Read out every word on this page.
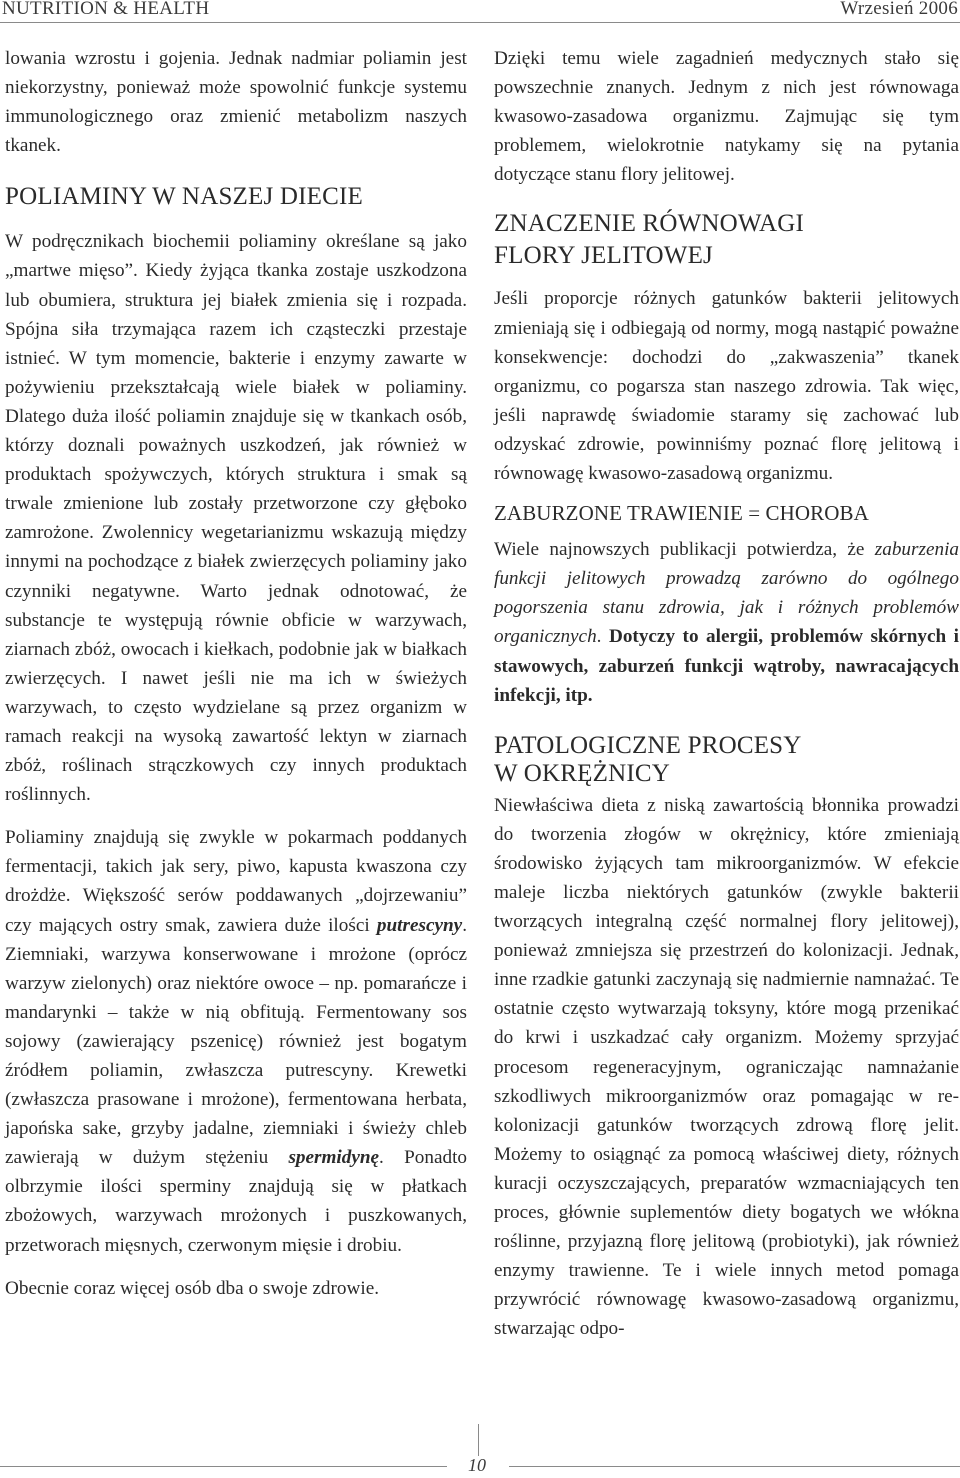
NUTRITION & HEALTH	Wrzesień 2006

lowania wzrostu i gojenia. Jednak nadmiar poliamin jest niekorzystny, ponieważ może spowolnić funkcje systemu immunologicznego oraz zmienić metabolizm naszych tkanek.

POLIAMINY W NASZEJ DIECIE

W podręcznikach biochemii poliaminy określane są jako „martwe mięso”. Kiedy żyjąca tkanka zostaje uszkodzona lub obumiera, struktura jej białek zmienia się i rozpada. Spójna siła trzymająca razem ich cząsteczki przestaje istnieć. W tym momencie, bakterie i enzymy zawarte w pożywieniu przekształcają wiele białek w poliaminy. Dlatego duża ilość poliamin znajduje się w tkankach osób, którzy doznali poważnych uszkodzeń, jak również w produktach spożywczych, których struktura i smak są trwale zmienione lub zostały przetworzone czy głęboko zamrożone. Zwolennicy wegetarianizmu wskazują między innymi na pochodzące z białek zwierzęcych poliaminy jako czynniki negatywne. Warto jednak odnotować, że substancje te występują równie obficie w warzywach, ziarnach zbóż, owocach i kiełkach, podobnie jak w białkach zwierzęcych. I nawet jeśli nie ma ich w świeżych warzywach, to często wydzielane są przez organizm w ramach reakcji na wysoką zawartość lektyn w ziarnach zbóż, roślinach strączkowych czy innych produktach roślinnych.

Poliaminy znajdują się zwykle w pokarmach poddanych fermentacji, takich jak sery, piwo, kapusta kwaszona czy drożdże. Większość serów poddawanych „dojrzewaniu” czy mających ostry smak, zawiera duże ilości putrescyny. Ziemniaki, warzywa konserwowane i mrożone (oprócz warzyw zielonych) oraz niektóre owoce – np. pomarańcze i mandarynki – także w nią obfitują. Fermentowany sos sojowy (zawierający pszenicę) również jest bogatym źródłem poliamin, zwłaszcza putrescyny. Krewetki (zwłaszcza prasowane i mrożone), fermentowana herbata, japońska sake, grzyby jadalne, ziemniaki i świeży chleb zawierają w dużym stężeniu spermidynę. Ponadto olbrzymie ilości sperminy znajdują się w płatkach zbożowych, warzywach mrożonych i puszkowanych, przetworach mięsnych, czerwonym mięsie i drobiu.

Obecnie coraz więcej osób dba o swoje zdrowie.

Dzięki temu wiele zagadnień medycznych stało się powszechnie znanych. Jednym z nich jest równowaga kwasowo-zasadowa organizmu. Zajmując się tym problemem, wielokrotnie natykamy się na pytania dotyczące stanu flory jelitowej.

ZNACZENIE RÓWNOWAGI
FLORY JELITOWEJ

Jeśli proporcje różnych gatunków bakterii jelitowych zmieniają się i odbiegają od normy, mogą nastąpić poważne konsekwencje: dochodzi do „zakwaszenia” tkanek organizmu, co pogarsza stan naszego zdrowia. Tak więc, jeśli naprawdę świadomie staramy się zachować lub odzyskać zdrowie, powinniśmy poznać florę jelitową i równowagę kwasowo-zasadową organizmu.

ZABURZONE TRAWIENIE = CHOROBA

Wiele najnowszych publikacji potwierdza, że zaburzenia funkcji jelitowych prowadzą zarówno do ogólnego pogorszenia stanu zdrowia, jak i różnych problemów organicznych. Dotyczy to alergii, problemów skórnych i stawowych, zaburzeń funkcji wątroby, nawracających infekcji, itp.

PATOLOGICZNE PROCESY
W OKRĘŻNICY

Niewłaściwa dieta z niską zawartością błonnika prowadzi do tworzenia złogów w okrężnicy, które zmieniają środowisko żyjących tam mikroorganizmów. W efekcie maleje liczba niektórych gatunków (zwykle bakterii tworzących integralną część normalnej flory jelitowej), ponieważ zmniejsza się przestrzeń do kolonizacji. Jednak, inne rzadkie gatunki zaczynają się nadmiernie namnażać. Te ostatnie często wytwarzają toksyny, które mogą przenikać do krwi i uszkadzać cały organizm. Możemy sprzyjać procesom regeneracyjnym, ograniczając namnażanie szkodliwych mikroorganizmów oraz pomagając w re-kolonizacji gatunków tworzących zdrową florę jelit. Możemy to osiągnąć za pomocą właściwej diety, różnych kuracji oczyszczających, preparatów wzmacniających ten proces, głównie suplementów diety bogatych we włókna roślinne, przyjazną florę jelitową (probiotyki), jak również enzymy trawienne. Te i wiele innych metod pomaga przywrócić równowagę kwasowo-zasadową organizmu, stwarzając odpo-

10
